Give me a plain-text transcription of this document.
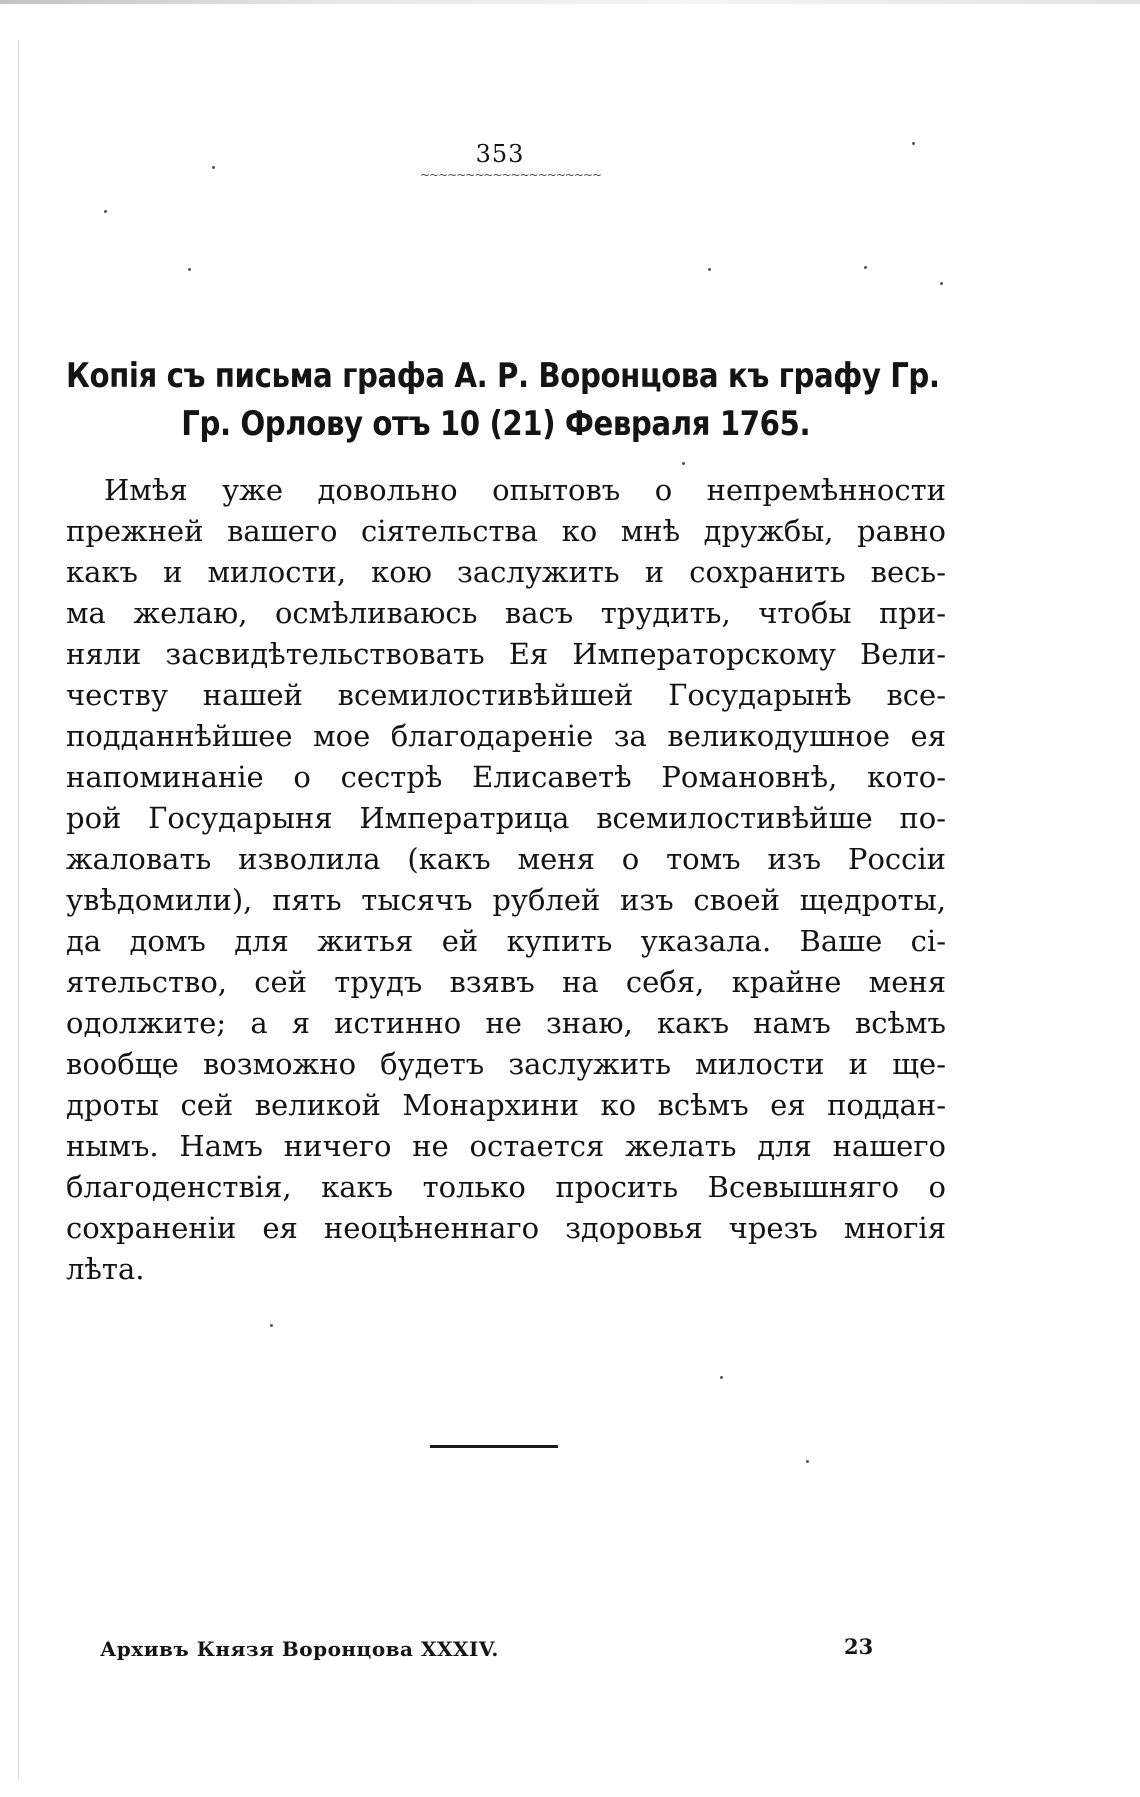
353
~~~~~~~~~~~~~~~~~~~~
Копія съ письма графа А. Р. Воронцова къ графу Гр.
Гр. Орлову отъ 10 (21) Февраля 1765.
Имѣя уже довольно опытовъ о непремѣнности
прежней вашего сіятельства ко мнѣ дружбы, равно
какъ и милости, кою заслужить и сохранить весь-
ма желаю, осмѣливаюсь васъ трудить, чтобы при-
няли засвидѣтельствовать Ея Императорскому Вели-
честву нашей всемилостивѣйшей Государынѣ все-
подданнѣйшее мое благодареніе за великодушное ея
напоминаніе о сестрѣ Елисаветѣ Романовнѣ, кото-
рой Государыня Императрица всемилостивѣйше по-
жаловать изволила (какъ меня о томъ изъ Россіи
увѣдомили), пять тысячъ рублей изъ своей щедроты,
да домъ для житья ей купить указала. Ваше сі-
ятельство, сей трудъ взявъ на себя, крайне меня
одолжите; а я истинно не знаю, какъ намъ всѣмъ
вообще возможно будетъ заслужить милости и ще-
дроты сей великой Монархини ко всѣмъ ея поддан-
нымъ. Намъ ничего не остается желать для нашего
благоденствія, какъ только просить Всевышняго о
сохраненіи ея неоцѣненнаго здоровья чрезъ многія
лѣта.
Архивъ Князя Воронцова XXXIV.	23
